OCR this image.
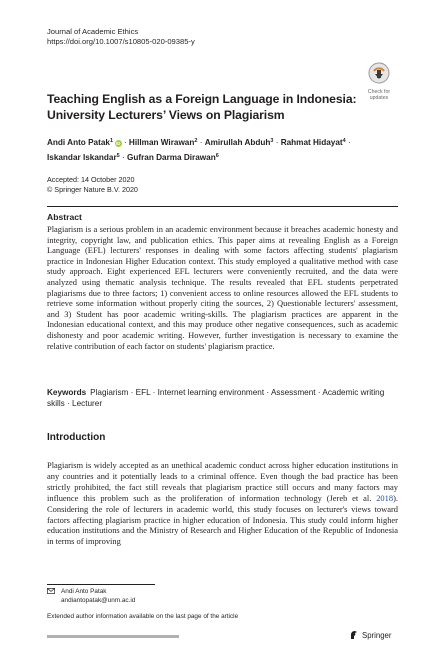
Journal of Academic Ethics
https://doi.org/10.1007/s10805-020-09385-y
Check for updates
Teaching English as a Foreign Language in Indonesia: University Lecturers’ Views on Plagiarism
Andi Anto Patak$^1$  iD · Hillman Wirawan$^2$ · Amirullah Abduh$^3$ · Rahmat Hidayat$^4$ · Iskandar Iskandar$^5$ · Gufran Darma Dirawan$^6$
Accepted: 14 October 2020
© Springer Nature B.V. 2020
Abstract
Plagiarism is a serious problem in an academic environment because it breaches academic honesty and integrity, copyright law, and publication ethics. This paper aims at revealing English as a Foreign Language (EFL) lecturers' responses in dealing with some factors affecting students' plagiarism practice in Indonesian Higher Education context. This study employed a qualitative method with case study approach. Eight experienced EFL lecturers were conveniently recruited, and the data were analyzed using thematic analysis technique. The results revealed that EFL students perpetrated plagiarisms due to three factors; 1) convenient access to online resources allowed the EFL students to retrieve some information without properly citing the sources, 2) Questionable lecturers' assessment, and 3) Student has poor academic writing-skills. The plagiarism practices are apparent in the Indonesian educational context, and this may produce other negative consequences, such as academic dishonesty and poor academic writing. However, further investigation is necessary to examine the relative contribution of each factor on students' plagiarism practice.
Keywords Plagiarism · EFL · Internet learning environment · Assessment · Academic writing skills · Lecturer
Introduction
Plagiarism is widely accepted as an unethical academic conduct across higher education institutions in any countries and it potentially leads to a criminal offence. Even though the bad practice has been strictly prohibited, the fact still reveals that plagiarism practice still occurs and many factors may influence this problem such as the proliferation of information technology (Jereb et al. 2018). Considering the role of lecturers in academic world, this study focuses on lecturer's views toward factors affecting plagiarism practice in higher education of Indonesia. This study could inform higher education institutions and the Ministry of Research and Higher Education of the Republic of Indonesia in terms of improving
Andi Anto Patak
andiantopatak@unm.ac.id
Extended author information available on the last page of the article
Springer
